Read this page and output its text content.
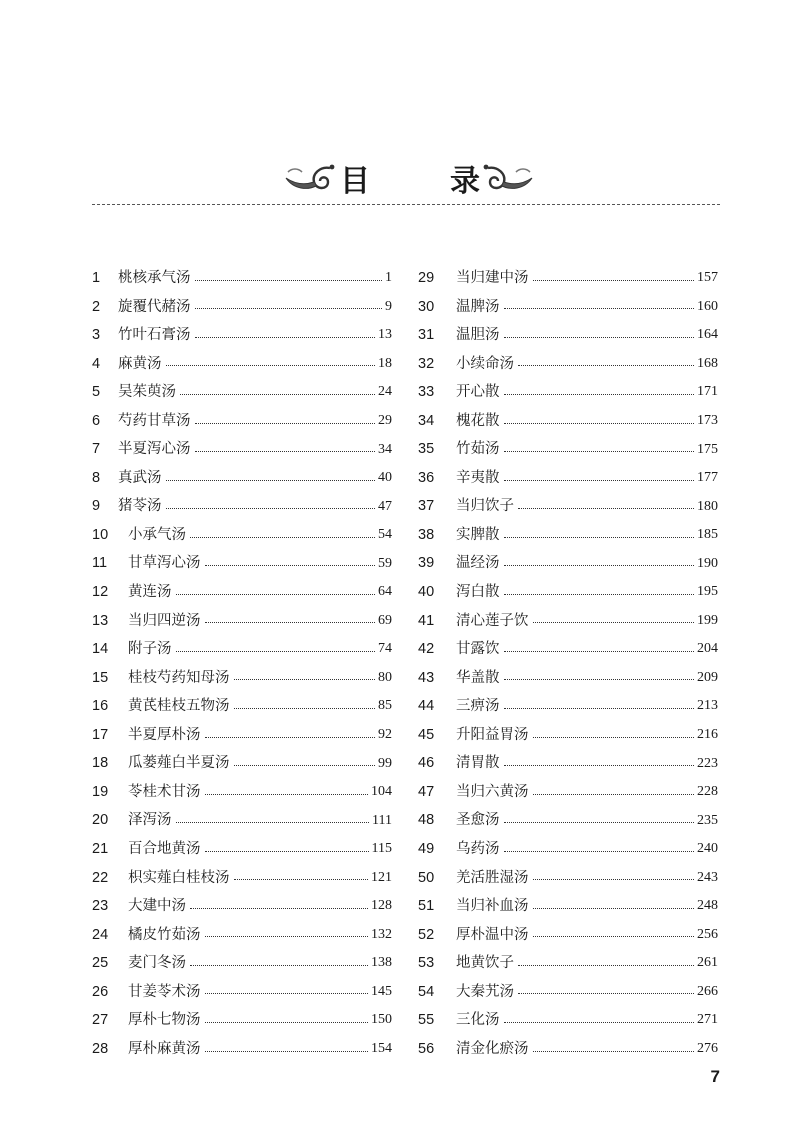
目	录
1	桃核承气汤	1
2	旋覆代赭汤	9
3	竹叶石膏汤	13
4	麻黄汤	18
5	吴茱萸汤	24
6	芍药甘草汤	29
7	半夏泻心汤	34
8	真武汤	40
9	猪苓汤	47
10	小承气汤	54
11	甘草泻心汤	59
12	黄连汤	64
13	当归四逆汤	69
14	附子汤	74
15	桂枝芍药知母汤	80
16	黄芪桂枝五物汤	85
17	半夏厚朴汤	92
18	瓜蒌薤白半夏汤	99
19	苓桂术甘汤	104
20	泽泻汤	111
21	百合地黄汤	115
22	枳实薤白桂枝汤	121
23	大建中汤	128
24	橘皮竹茹汤	132
25	麦门冬汤	138
26	甘姜苓术汤	145
27	厚朴七物汤	150
28	厚朴麻黄汤	154
29	当归建中汤	157
30	温脾汤	160
31	温胆汤	164
32	小续命汤	168
33	开心散	171
34	槐花散	173
35	竹茹汤	175
36	辛夷散	177
37	当归饮子	180
38	实脾散	185
39	温经汤	190
40	泻白散	195
41	清心莲子饮	199
42	甘露饮	204
43	华盖散	209
44	三痹汤	213
45	升阳益胃汤	216
46	清胃散	223
47	当归六黄汤	228
48	圣愈汤	235
49	乌药汤	240
50	羌活胜湿汤	243
51	当归补血汤	248
52	厚朴温中汤	256
53	地黄饮子	261
54	大秦艽汤	266
55	三化汤	271
56	清金化瘀汤	276
7
